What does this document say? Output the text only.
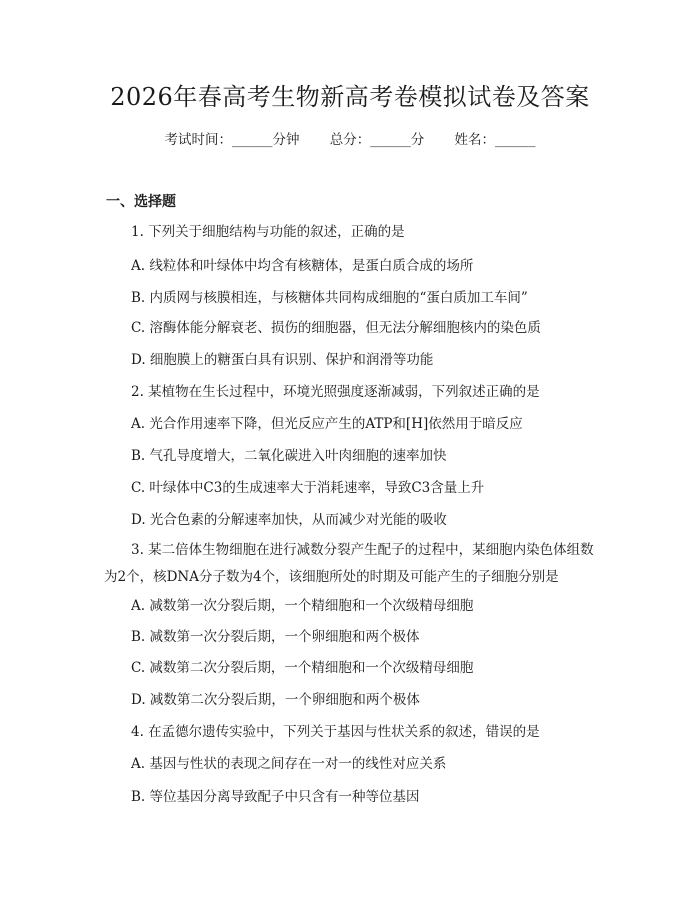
2026年春高考生物新高考卷模拟试卷及答案
考试时间：______分钟 总分：______分 姓名：______
一、选择题
1. 下列关于细胞结构与功能的叙述，正确的是
A. 线粒体和叶绿体中均含有核糖体，是蛋白质合成的场所
B. 内质网与核膜相连，与核糖体共同构成细胞的“蛋白质加工车间”
C. 溶酶体能分解衰老、损伤的细胞器，但无法分解细胞核内的染色质
D. 细胞膜上的糖蛋白具有识别、保护和润滑等功能
2. 某植物在生长过程中，环境光照强度逐渐减弱，下列叙述正确的是
A. 光合作用速率下降，但光反应产生的ATP和[H]依然用于暗反应
B. 气孔导度增大，二氧化碳进入叶肉细胞的速率加快
C. 叶绿体中C3的生成速率大于消耗速率，导致C3含量上升
D. 光合色素的分解速率加快，从而减少对光能的吸收
3. 某二倍体生物细胞在进行减数分裂产生配子的过程中，某细胞内染色体组数为2个，核DNA分子数为4个，该细胞所处的时期及可能产生的子细胞分别是
A. 减数第一次分裂后期，一个精细胞和一个次级精母细胞
B. 减数第一次分裂后期，一个卵细胞和两个极体
C. 减数第二次分裂后期，一个精细胞和一个次级精母细胞
D. 减数第二次分裂后期，一个卵细胞和两个极体
4. 在孟德尔遗传实验中，下列关于基因与性状关系的叙述，错误的是
A. 基因与性状的表现之间存在一对一的线性对应关系
B. 等位基因分离导致配子中只含有一种等位基因
